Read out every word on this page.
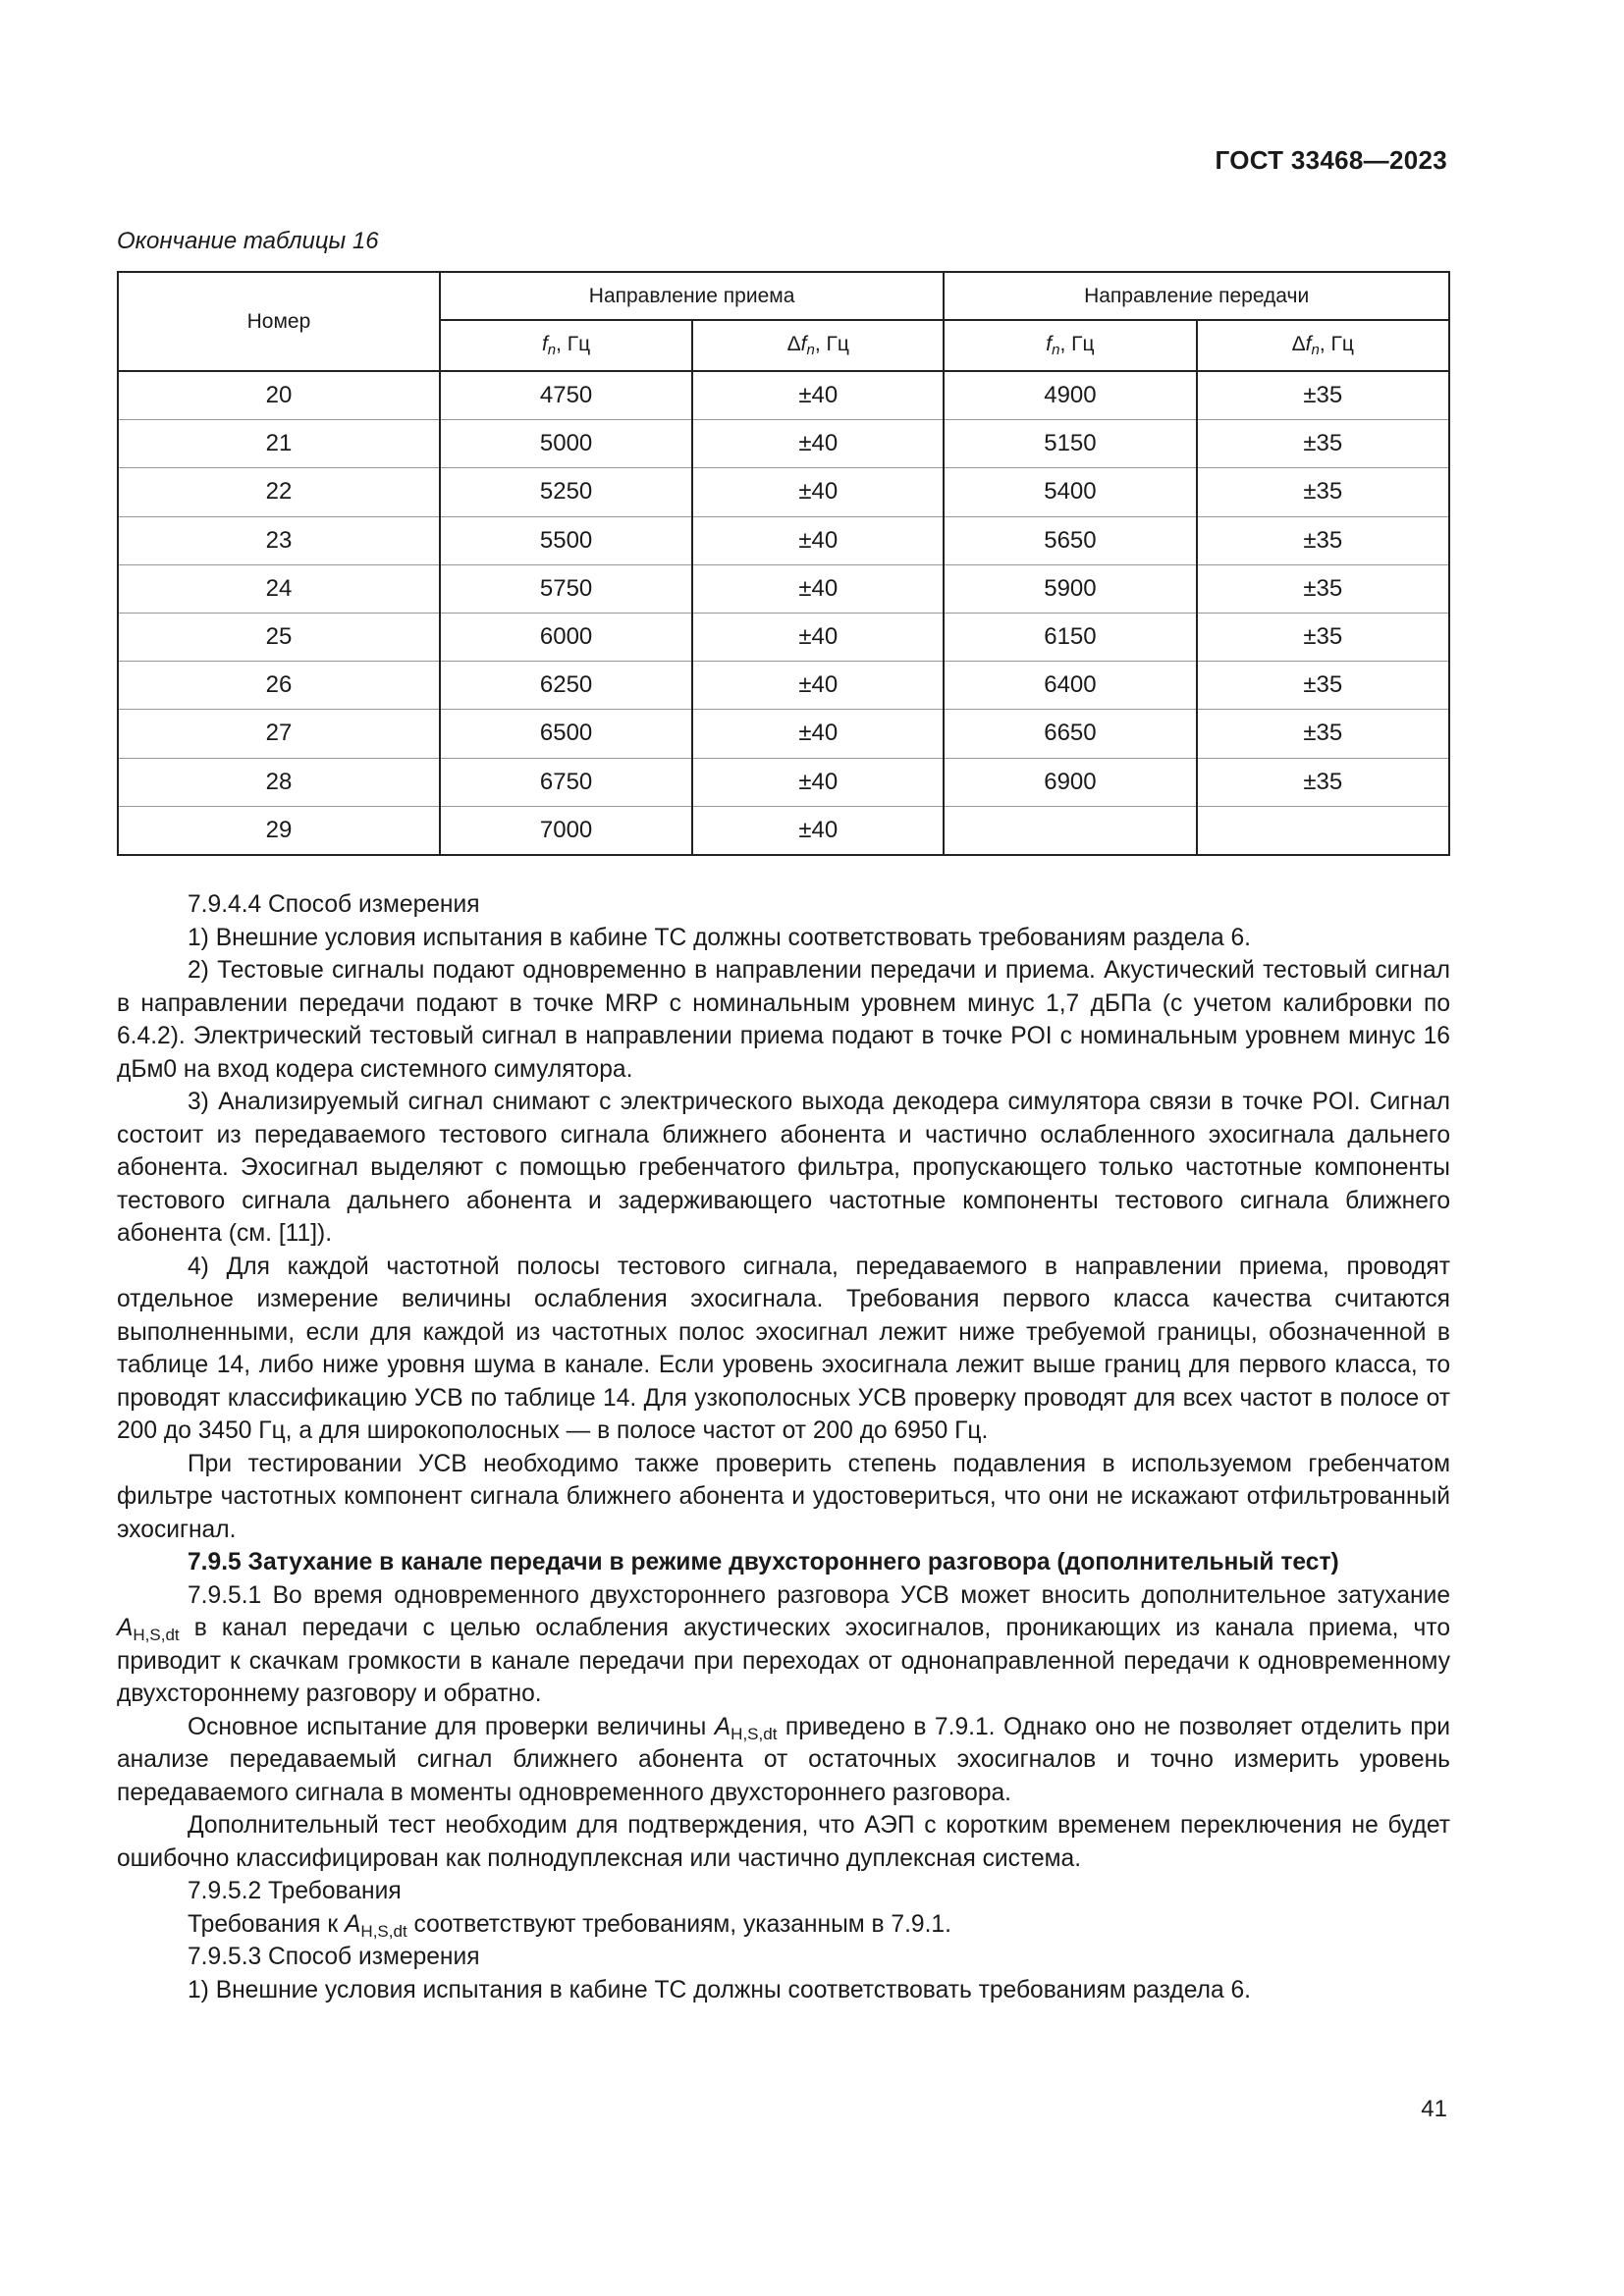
ГОСТ 33468—2023
Окончание таблицы 16
Номер	Направление приема		Направление передачи	
	$f_n$, Гц	$\Delta f_n$, Гц	$f_n$, Гц	$\Delta f_n$, Гц
20	4750	±40	4900	±35
21	5000	±40	5150	±35
22	5250	±40	5400	±35
23	5500	±40	5650	±35
24	5750	±40	5900	±35
25	6000	±40	6150	±35
26	6250	±40	6400	±35
27	6500	±40	6650	±35
28	6750	±40	6900	±35
29	7000	±40		

7.9.4.4 Способ измерения

1) Внешние условия испытания в кабине ТС должны соответствовать требованиям раздела 6.

2) Тестовые сигналы подают одновременно в направлении передачи и приема. Акустический тестовый сигнал в направлении передачи подают в точке MRP с номинальным уровнем минус 1,7 дБПа (с учетом калибровки по 6.4.2). Электрический тестовый сигнал в направлении приема подают в точке POI с номинальным уровнем минус 16 дБм0 на вход кодера системного симулятора.

3) Анализируемый сигнал снимают с электрического выхода декодера симулятора связи в точке POI. Сигнал состоит из передаваемого тестового сигнала ближнего абонента и частично ослабленного эхосигнала дальнего абонента. Эхосигнал выделяют с помощью гребенчатого фильтра, пропускающего только частотные компоненты тестового сигнала дальнего абонента и задерживающего частотные компоненты тестового сигнала ближнего абонента (см. [11]).

4) Для каждой частотной полосы тестового сигнала, передаваемого в направлении приема, проводят отдельное измерение величины ослабления эхосигнала. Требования первого класса качества считаются выполненными, если для каждой из частотных полос эхосигнал лежит ниже требуемой границы, обозначенной в таблице 14, либо ниже уровня шума в канале. Если уровень эхосигнала лежит выше границ для первого класса, то проводят классификацию УСВ по таблице 14. Для узкополосных УСВ проверку проводят для всех частот в полосе от 200 до 3450 Гц, а для широкополосных — в полосе частот от 200 до 6950 Гц.

При тестировании УСВ необходимо также проверить степень подавления в используемом гребенчатом фильтре частотных компонент сигнала ближнего абонента и удостовериться, что они не искажают отфильтрованный эхосигнал.

7.9.5 Затухание в канале передачи в режиме двухстороннего разговора (дополнительный тест)

7.9.5.1 Во время одновременного двухстороннего разговора УСВ может вносить дополнительное затухание $A_{H,S,dt}$ в канал передачи с целью ослабления акустических эхосигналов, проникающих из канала приема, что приводит к скачкам громкости в канале передачи при переходах от однонаправленной передачи к одновременному двухстороннему разговору и обратно.

Основное испытание для проверки величины $A_{H,S,dt}$ приведено в 7.9.1. Однако оно не позволяет отделить при анализе передаваемый сигнал ближнего абонента от остаточных эхосигналов и точно измерить уровень передаваемого сигнала в моменты одновременного двухстороннего разговора.

Дополнительный тест необходим для подтверждения, что АЭП с коротким временем переключения не будет ошибочно классифицирован как полнодуплексная или частично дуплексная система.

7.9.5.2 Требования

Требования к $A_{H,S,dt}$ соответствуют требованиям, указанным в 7.9.1.

7.9.5.3 Способ измерения

1) Внешние условия испытания в кабине ТС должны соответствовать требованиям раздела 6.

41
